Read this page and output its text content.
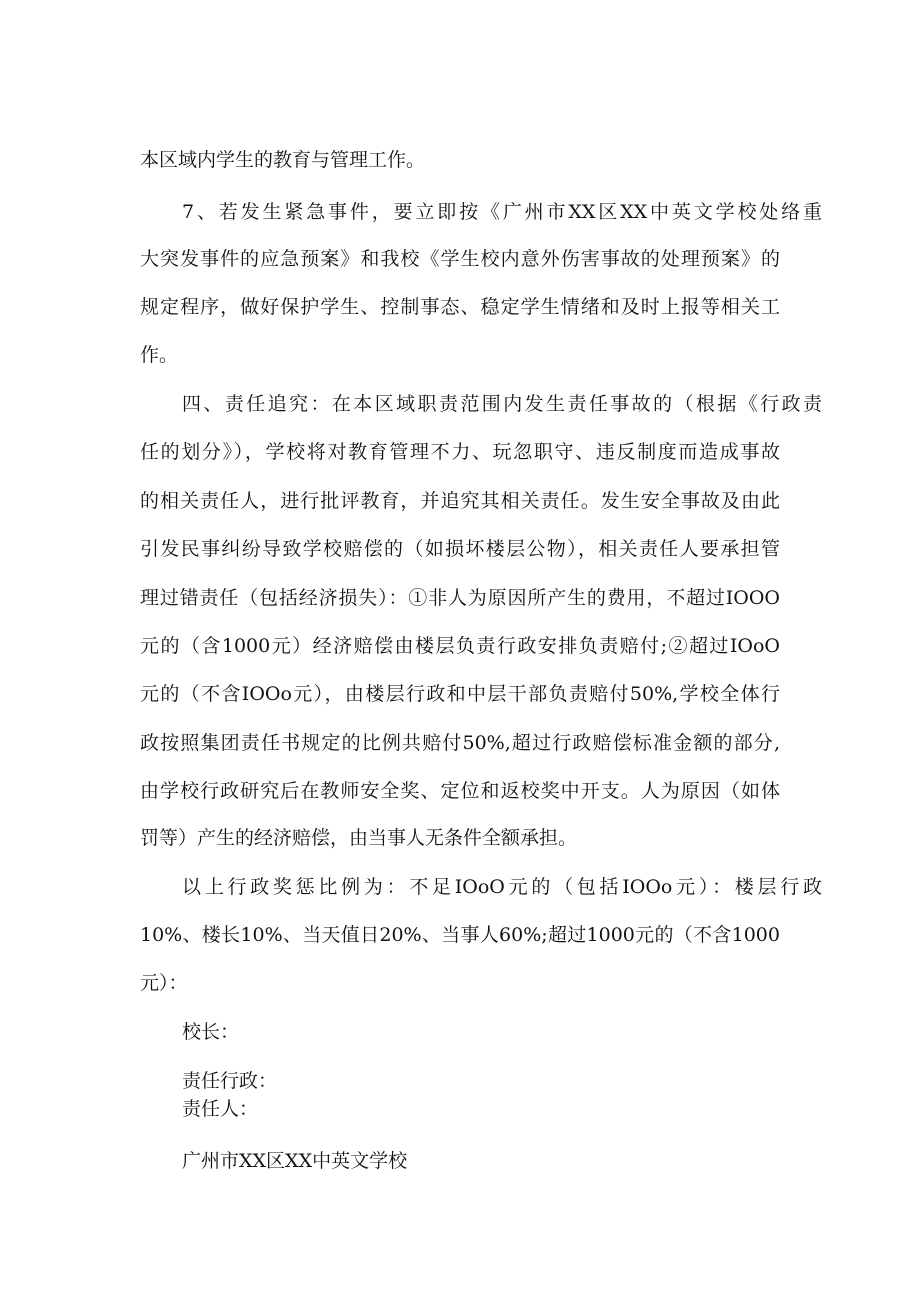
本区域内学生的教育与管理工作。
7、若发生紧急事件，要立即按《广州市XX区XX中英文学校处络重
大突发事件的应急预案》和我校《学生校内意外伤害事故的处理预案》的
规定程序，做好保护学生、控制事态、稳定学生情绪和及时上报等相关工
作。
四、责任追究：在本区域职责范围内发生责任事故的（根据《行政责
任的划分》），学校将对教育管理不力、玩忽职守、违反制度而造成事故
的相关责任人，进行批评教育，并追究其相关责任。发生安全事故及由此
引发民事纠纷导致学校赔偿的（如损坏楼层公物），相关责任人要承担管
理过错责任（包括经济损失）：①非人为原因所产生的费用，不超过IOOO
元的（含1000元）经济赔偿由楼层负责行政安排负责赔付;②超过IOoO
元的（不含IOOo元），由楼层行政和中层干部负责赔付50%,学校全体行
政按照集团责任书规定的比例共赔付50%,超过行政赔偿标准金额的部分,
由学校行政研究后在教师安全奖、定位和返校奖中开支。人为原因（如体
罚等）产生的经济赔偿，由当事人无条件全额承担。
以上行政奖惩比例为：不足IOoO元的（包括IOOo元）：楼层行政
10%、楼长10%、当天值日20%、当事人60%;超过1000元的（不含1000
元）：
校长：
责任行政：
责任人：
广州市XX区XX中英文学校
